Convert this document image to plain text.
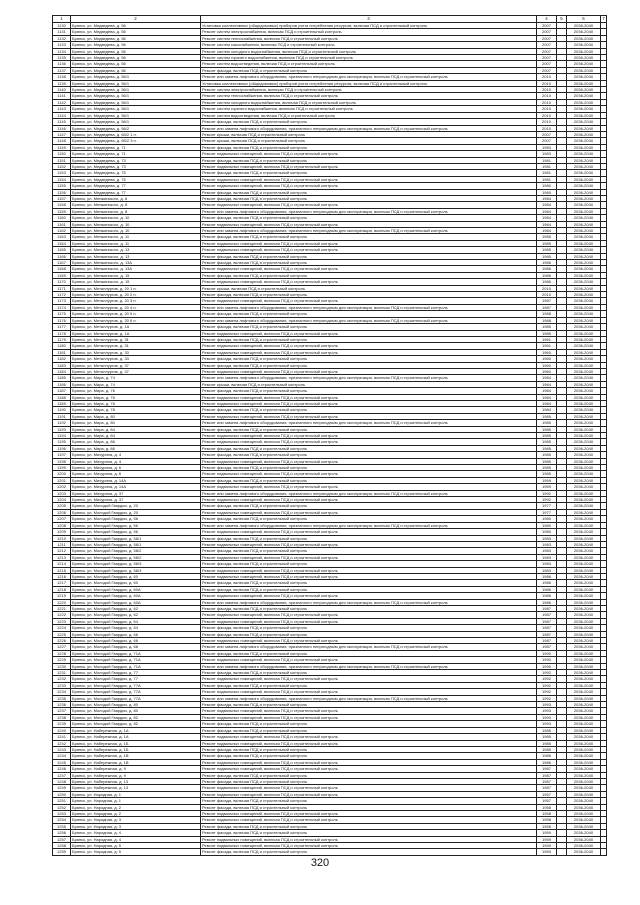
1	2	3	4	5	6	7
1130	Брянск, ул. Медведева, д. 56	Установка коллективных (общедомовых) приборов учета потребления ресурсов, включая ПСД и строительный контроль	2007		2036-2040	
1131	Брянск, ул. Медведева, д. 56	Ремонт систем электроснабжения, включая ПСД и строительный контроль	2007		2036-2040	
1132	Брянск, ул. Медведева, д. 56	Ремонт систем теплоснабжения, включая ПСД и строительный контроль	2007		2036-2040	
1133	Брянск, ул. Медведева, д. 56	Ремонт систем газоснабжения, включая ПСД и строительный контроль	2007		2036-2040	
1134	Брянск, ул. Медведева, д. 56	Ремонт систем холодного водоснабжения, включая ПСД и строительный контроль	2007		2036-2040	
1135	Брянск, ул. Медведева, д. 56	Ремонт систем горячего водоснабжения, включая ПСД и строительный контроль	2007		2036-2040	
1136	Брянск, ул. Медведева, д. 56	Ремонт систем водоотведения, включая ПСД и строительный контроль	2007		2036-2040	
1137	Брянск, ул. Медведева, д. 56	Ремонт фасада, включая ПСД и строительный контроль	2007		2036-2040	
1138	Брянск, ул. Медведева, д. 56/1	Ремонт или замена лифтового оборудования, признанного непригодным для эксплуатации, включая ПСД и строительный контроль	2010		2036-2040	
1139	Брянск, ул. Медведева, д. 56/1	Установка коллективных (общедомовых) приборов учета потребления ресурсов, включая ПСД и строительный контроль	2010		2036-2040	
1140	Брянск, ул. Медведева, д. 56/1	Ремонт систем электроснабжения, включая ПСД и строительный контроль	2010		2036-2040	
1141	Брянск, ул. Медведева, д. 56/1	Ремонт систем теплоснабжения, включая ПСД и строительный контроль	2010		2036-2040	
1142	Брянск, ул. Медведева, д. 56/1	Ремонт систем холодного водоснабжения, включая ПСД и строительный контроль	2010		2036-2040	
1143	Брянск, ул. Медведева, д. 56/1	Ремонт систем горячего водоснабжения, включая ПСД и строительный контроль	2010		2036-2040	
1144	Брянск, ул. Медведева, д. 56/1	Ремонт систем водоотведения, включая ПСД и строительный контроль	2010		2036-2040	
1145	Брянск, ул. Медведева, д. 56/1	Ремонт фасада, включая ПСД и строительный контроль	2010		2036-2040	
1146	Брянск, ул. Медведева, д. 56/2	Ремонт или замена лифтового оборудования, признанного непригодным для эксплуатации, включая ПСД и строительный контроль	2010		2036-2040	
1147	Брянск, ул. Медведева, д. 65/2 1 п.	Ремонт крыши, включая ПСД и строительный контроль	2007		2036-2040	
1148	Брянск, ул. Медведева, д. 65/2 3 п.	Ремонт крыши, включая ПСД и строительный контроль	2007		2036-2040	
1149	Брянск, ул. Медведева, д. 71	Ремонт фасада, включая ПСД и строительный контроль	1983		2036-2040	
1150	Брянск, ул. Медведева, д. 71	Ремонт подвальных помещений, включая ПСД и строительный контроль	1983		2036-2040	
1151	Брянск, ул. Медведева, д. 73	Ремонт фасада, включая ПСД и строительный контроль	1981		2036-2040	
1152	Брянск, ул. Медведева, д. 73	Ремонт подвальных помещений, включая ПСД и строительный контроль	1981		2036-2040	
1153	Брянск, ул. Медведева, д. 75	Ремонт фасада, включая ПСД и строительный контроль	1981		2036-2040	
1154	Брянск, ул. Медведева, д. 75	Ремонт подвальных помещений, включая ПСД и строительный контроль	1981		2036-2040	
1155	Брянск, ул. Медведева, д. 77	Ремонт подвальных помещений, включая ПСД и строительный контроль	1980		2036-2040	
1156	Брянск, ул. Медведева, д. 77	Ремонт фасада, включая ПСД и строительный контроль	1980		2036-2040	
1157	Брянск, ул. Менжинского, д. 8	Ремонт фасада, включая ПСД и строительный контроль	1984		2036-2040	
1158	Брянск, ул. Менжинского, д. 8	Ремонт подвальных помещений, включая ПСД и строительный контроль	1984		2036-2040	
1159	Брянск, ул. Менжинского, д. 8	Ремонт или замена лифтового оборудования, признанного непригодным для эксплуатации, включая ПСД и строительный контроль	1984		2036-2040	
1160	Брянск, ул. Менжинского, д. 10	Ремонт фасада, включая ПСД и строительный контроль	1984		2036-2040	
1161	Брянск, ул. Менжинского, д. 10	Ремонт подвальных помещений, включая ПСД и строительный контроль	1984		2036-2040	
1162	Брянск, ул. Менжинского, д. 10	Ремонт или замена лифтового оборудования, признанного непригодным для эксплуатации, включая ПСД и строительный контроль	1984		2036-2040	
1163	Брянск, ул. Менжинского, д. 11	Ремонт фасада, включая ПСД и строительный контроль	1985		2036-2040	
1164	Брянск, ул. Менжинского, д. 11	Ремонт подвальных помещений, включая ПСД и строительный контроль	1985		2036-2040	
1165	Брянск, ул. Менжинского, д. 13	Ремонт подвальных помещений, включая ПСД и строительный контроль	1985		2036-2040	
1166	Брянск, ул. Менжинского, д. 13	Ремонт фасада, включая ПСД и строительный контроль	1985		2036-2040	
1167	Брянск, ул. Менжинского, д. 13А	Ремонт фасада, включая ПСД и строительный контроль	1986		2036-2040	
1168	Брянск, ул. Менжинского, д. 13А	Ремонт подвальных помещений, включая ПСД и строительный контроль	1986		2036-2040	
1169	Брянск, ул. Менжинского, д. 15	Ремонт фасада, включая ПСД и строительный контроль	1986		2036-2040	
1170	Брянск, ул. Менжинского, д. 15	Ремонт подвальных помещений, включая ПСД и строительный контроль	1986		2036-2040	
1171	Брянск, ул. Металлургов, д. 20 1 п.	Ремонт крыши, включая ПСД и строительный контроль	2010		2036-2040	
1172	Брянск, ул. Металлургов, д. 20 2 п.	Ремонт фасада, включая ПСД и строительный контроль	2010		2036-2040	
1173	Брянск, ул. Металлургов, д. 20 3 п.	Ремонт подвальных помещений, включая ПСД и строительный контроль	1987		2036-2040	
1174	Брянск, ул. Металлургов, д. 20 4 п.	Ремонт или замена лифтового оборудования, признанного непригодным для эксплуатации, включая ПСД и строительный контроль	1987		2036-2040	
1175	Брянск, ул. Металлургов, д. 20 5 п.	Ремонт фасада, включая ПСД и строительный контроль	1988		2036-2040	
1176	Брянск, ул. Металлургов, д. 20 6 п.	Ремонт или замена лифтового оборудования, признанного непригодным для эксплуатации, включая ПСД и строительный контроль	1988		2036-2040	
1177	Брянск, ул. Металлургов, д. 1А	Ремонт фасада, включая ПСД и строительный контроль	1985		2036-2040	
1178	Брянск, ул. Металлургов, д. 1А	Ремонт подвальных помещений, включая ПСД и строительный контроль	1985		2036-2040	
1179	Брянск, ул. Металлургов, д. 31	Ремонт фасада, включая ПСД и строительный контроль	1961		2036-2040	
1180	Брянск, ул. Металлургов, д. 31	Ремонт подвальных помещений, включая ПСД и строительный контроль	1961		2036-2040	
1181	Брянск, ул. Металлургов, д. 33	Ремонт подвальных помещений, включая ПСД и строительный контроль	1960		2036-2040	
1182	Брянск, ул. Металлургов, д. 33	Ремонт фасада, включая ПСД и строительный контроль	1960		2036-2040	
1183	Брянск, ул. Металлургов, д. 37	Ремонт фасада, включая ПСД и строительный контроль	1960		2036-2040	
1184	Брянск, ул. Металлургов, д. 37	Ремонт подвальных помещений, включая ПСД и строительный контроль	1960		2036-2040	
1185	Брянск, ул. Мира, д. 74	Ремонт или замена лифтового оборудования, признанного непригодным для эксплуатации, включая ПСД и строительный контроль	1984		2036-2040	
1186	Брянск, ул. Мира, д. 74	Ремонт крыши, включая ПСД и строительный контроль	1984		2036-2040	
1187	Брянск, ул. Мира, д. 76	Ремонт фасада, включая ПСД и строительный контроль	1984		2036-2040	
1188	Брянск, ул. Мира, д. 76	Ремонт подвальных помещений, включая ПСД и строительный контроль	1984		2036-2040	
1189	Брянск, ул. Мира, д. 78	Ремонт подвальных помещений, включая ПСД и строительный контроль	1984		2036-2040	
1190	Брянск, ул. Мира, д. 78	Ремонт фасада, включая ПСД и строительный контроль	1984		2036-2040	
1191	Брянск, ул. Мира, д. 80	Ремонт подвальных помещений, включая ПСД и строительный контроль	1985		2036-2040	
1192	Брянск, ул. Мира, д. 80	Ремонт или замена лифтового оборудования, признанного непригодным для эксплуатации, включая ПСД и строительный контроль	1985		2036-2040	
1193	Брянск, ул. Мира, д. 84	Ремонт фасада, включая ПСД и строительный контроль	1985		2036-2040	
1194	Брянск, ул. Мира, д. 84	Ремонт подвальных помещений, включая ПСД и строительный контроль	1985		2036-2040	
1195	Брянск, ул. Мира, д. 86	Ремонт подвальных помещений, включая ПСД и строительный контроль	1985		2036-2040	
1196	Брянск, ул. Мира, д. 86	Ремонт фасада, включая ПСД и строительный контроль	1985		2036-2040	
1197	Брянск, ул. Мичурина, д. 4	Ремонт фасада, включая ПСД и строительный контроль	1985		2036-2040	
1198	Брянск, ул. Мичурина, д. 4	Ремонт подвальных помещений, включая ПСД и строительный контроль	1985		2036-2040	
1199	Брянск, ул. Мичурина, д. 6	Ремонт фасада, включая ПСД и строительный контроль	1985		2036-2040	
1200	Брянск, ул. Мичурина, д. 6	Ремонт подвальных помещений, включая ПСД и строительный контроль	1985		2036-2040	
1201	Брянск, ул. Мичурина, д. 14А	Ремонт фасада, включая ПСД и строительный контроль	1959		2036-2040	
1202	Брянск, ул. Мичурина, д. 14А	Ремонт подвальных помещений, включая ПСД и строительный контроль	1959		2036-2040	
1203	Брянск, ул. Мичурина, д. 37	Ремонт или замена лифтового оборудования, признанного непригодным для эксплуатации, включая ПСД и строительный контроль	1992		2036-2040	
1204	Брянск, ул. Мичурина, д. 37	Ремонт подвальных помещений, включая ПСД и строительный контроль	1992		2036-2040	
1205	Брянск, ул. Молодой Гвардии, д. 20	Ремонт фасада, включая ПСД и строительный контроль	1977		2036-2040	
1206	Брянск, ул. Молодой Гвардии, д. 20	Ремонт подвальных помещений, включая ПСД и строительный контроль	1977		2036-2040	
1207	Брянск, ул. Молодой Гвардии, д. 56	Ремонт фасада, включая ПСД и строительный контроль	1980		2036-2040	
1208	Брянск, ул. Молодой Гвардии, д. 56	Ремонт или замена лифтового оборудования, признанного непригодным для эксплуатации, включая ПСД и строительный контроль	1980		2036-2040	
1209	Брянск, ул. Молодой Гвардии, д. 56	Ремонт подвальных помещений, включая ПСД и строительный контроль	1980		2036-2040	
1210	Брянск, ул. Молодой Гвардии, д. 58/1	Ремонт фасада, включая ПСД и строительный контроль	1983		2036-2040	
1211	Брянск, ул. Молодой Гвардии, д. 58/1	Ремонт подвальных помещений, включая ПСД и строительный контроль	1983		2036-2040	
1212	Брянск, ул. Молодой Гвардии, д. 58/2	Ремонт фасада, включая ПСД и строительный контроль	1983		2036-2040	
1213	Брянск, ул. Молодой Гвардии, д. 58/2	Ремонт подвальных помещений, включая ПСД и строительный контроль	1983		2036-2040	
1214	Брянск, ул. Молодой Гвардии, д. 58/3	Ремонт фасада, включая ПСД и строительный контроль	1983		2036-2040	
1215	Брянск, ул. Молодой Гвардии, д. 58/3	Ремонт подвальных помещений, включая ПСД и строительный контроль	1983		2036-2040	
1216	Брянск, ул. Молодой Гвардии, д. 60	Ремонт подвальных помещений, включая ПСД и строительный контроль	1986		2036-2040	
1217	Брянск, ул. Молодой Гвардии, д. 60	Ремонт фасада, включая ПСД и строительный контроль	1986		2036-2040	
1218	Брянск, ул. Молодой Гвардии, д. 60А	Ремонт фасада, включая ПСД и строительный контроль	1986		2036-2040	
1219	Брянск, ул. Молодой Гвардии, д. 60А	Ремонт подвальных помещений, включая ПСД и строительный контроль	1986		2036-2040	
1220	Брянск, ул. Молодой Гвардии, д. 60А	Ремонт или замена лифтового оборудования, признанного непригодным для эксплуатации, включая ПСД и строительный контроль	1986		2036-2040	
1221	Брянск, ул. Молодой Гвардии, д. 62	Ремонт фасада, включая ПСД и строительный контроль	1987		2036-2040	
1222	Брянск, ул. Молодой Гвардии, д. 62	Ремонт подвальных помещений, включая ПСД и строительный контроль	1987		2036-2040	
1223	Брянск, ул. Молодой Гвардии, д. 64	Ремонт подвальных помещений, включая ПСД и строительный контроль	1987		2036-2040	
1224	Брянск, ул. Молодой Гвардии, д. 64	Ремонт фасада, включая ПСД и строительный контроль	1987		2036-2040	
1225	Брянск, ул. Молодой Гвардии, д. 66	Ремонт фасада, включая ПСД и строительный контроль	1987		2036-2040	
1226	Брянск, ул. Молодой Гвардии, д. 66	Ремонт подвальных помещений, включая ПСД и строительный контроль	1987		2036-2040	
1227	Брянск, ул. Молодой Гвардии, д. 68	Ремонт или замена лифтового оборудования, признанного непригодным для эксплуатации, включая ПСД и строительный контроль	1987		2036-2040	
1228	Брянск, ул. Молодой Гвардии, д. 71А	Ремонт фасада, включая ПСД и строительный контроль	1990		2036-2040	
1229	Брянск, ул. Молодой Гвардии, д. 71А	Ремонт подвальных помещений, включая ПСД и строительный контроль	1990		2036-2040	
1230	Брянск, ул. Молодой Гвардии, д. 71А	Ремонт или замена лифтового оборудования, признанного непригодным для эксплуатации, включая ПСД и строительный контроль	1990		2036-2040	
1231	Брянск, ул. Молодой Гвардии, д. 77	Ремонт фасада, включая ПСД и строительный контроль	1992		2036-2040	
1232	Брянск, ул. Молодой Гвардии, д. 77	Ремонт подвальных помещений, включая ПСД и строительный контроль	1992		2036-2040	
1233	Брянск, ул. Молодой Гвардии, д. 77А	Ремонт фасада, включая ПСД и строительный контроль	1992		2036-2040	
1234	Брянск, ул. Молодой Гвардии, д. 77А	Ремонт подвальных помещений, включая ПСД и строительный контроль	1992		2036-2040	
1235	Брянск, ул. Молодой Гвардии, д. 77А	Ремонт или замена лифтового оборудования, признанного непригодным для эксплуатации, включая ПСД и строительный контроль	1992		2036-2040	
1236	Брянск, ул. Молодой Гвардии, д. 80	Ремонт фасада, включая ПСД и строительный контроль	1993		2036-2040	
1237	Брянск, ул. Молодой Гвардии, д. 80	Ремонт подвальных помещений, включая ПСД и строительный контроль	1993		2036-2040	
1238	Брянск, ул. Молодой Гвардии, д. 82	Ремонт подвальных помещений, включая ПСД и строительный контроль	1993		2036-2040	
1239	Брянск, ул. Молодой Гвардии, д. 82	Ремонт фасада, включая ПСД и строительный контроль	1993		2036-2040	
1240	Брянск, ул. Набережная, д. 1А	Ремонт фасада, включая ПСД и строительный контроль	1985		2036-2040	
1241	Брянск, ул. Набережная, д. 1А	Ремонт подвальных помещений, включая ПСД и строительный контроль	1985		2036-2040	
1242	Брянск, ул. Набережная, д. 1Б	Ремонт подвальных помещений, включая ПСД и строительный контроль	1985		2036-2040	
1243	Брянск, ул. Набережная, д. 1Б	Ремонт фасада, включая ПСД и строительный контроль	1985		2036-2040	
1244	Брянск, ул. Набережная, д. 1В	Ремонт фасада, включая ПСД и строительный контроль	1986		2036-2040	
1245	Брянск, ул. Набережная, д. 1В	Ремонт подвальных помещений, включая ПСД и строительный контроль	1986		2036-2040	
1246	Брянск, ул. Набережная, д. 9	Ремонт подвальных помещений, включая ПСД и строительный контроль	1987		2036-2040	
1247	Брянск, ул. Набережная, д. 9	Ремонт фасада, включая ПСД и строительный контроль	1987		2036-2040	
1248	Брянск, ул. Набережная, д. 13	Ремонт фасада, включая ПСД и строительный контроль	1987		2036-2040	
1249	Брянск, ул. Набережная, д. 13	Ремонт подвальных помещений, включая ПСД и строительный контроль	1987		2036-2040	
1250	Брянск, ул. Народная, д. 1	Ремонт подвальных помещений, включая ПСД и строительный контроль	1957		2036-2040	
1251	Брянск, ул. Народная, д. 1	Ремонт фасада, включая ПСД и строительный контроль	1957		2036-2040	
1252	Брянск, ул. Народная, д. 2	Ремонт фасада, включая ПСД и строительный контроль	1958		2036-2040	
1253	Брянск, ул. Народная, д. 2	Ремонт подвальных помещений, включая ПСД и строительный контроль	1958		2036-2040	
1254	Брянск, ул. Народная, д. 3	Ремонт подвальных помещений, включая ПСД и строительный контроль	1958		2036-2040	
1255	Брянск, ул. Народная, д. 3	Ремонт фасада, включая ПСД и строительный контроль	1958		2036-2040	
1256	Брянск, ул. Народная, д. 4	Ремонт фасада, включая ПСД и строительный контроль	1959		2036-2040	
1257	Брянск, ул. Народная, д. 4	Ремонт подвальных помещений, включая ПСД и строительный контроль	1959		2036-2040	
1258	Брянск, ул. Народная, д. 5	Ремонт подвальных помещений, включая ПСД и строительный контроль	1959		2036-2040	
1259	Брянск, ул. Народная, д. 5	Ремонт фасада, включая ПСД и строительный контроль	1959		2036-2040	
320
